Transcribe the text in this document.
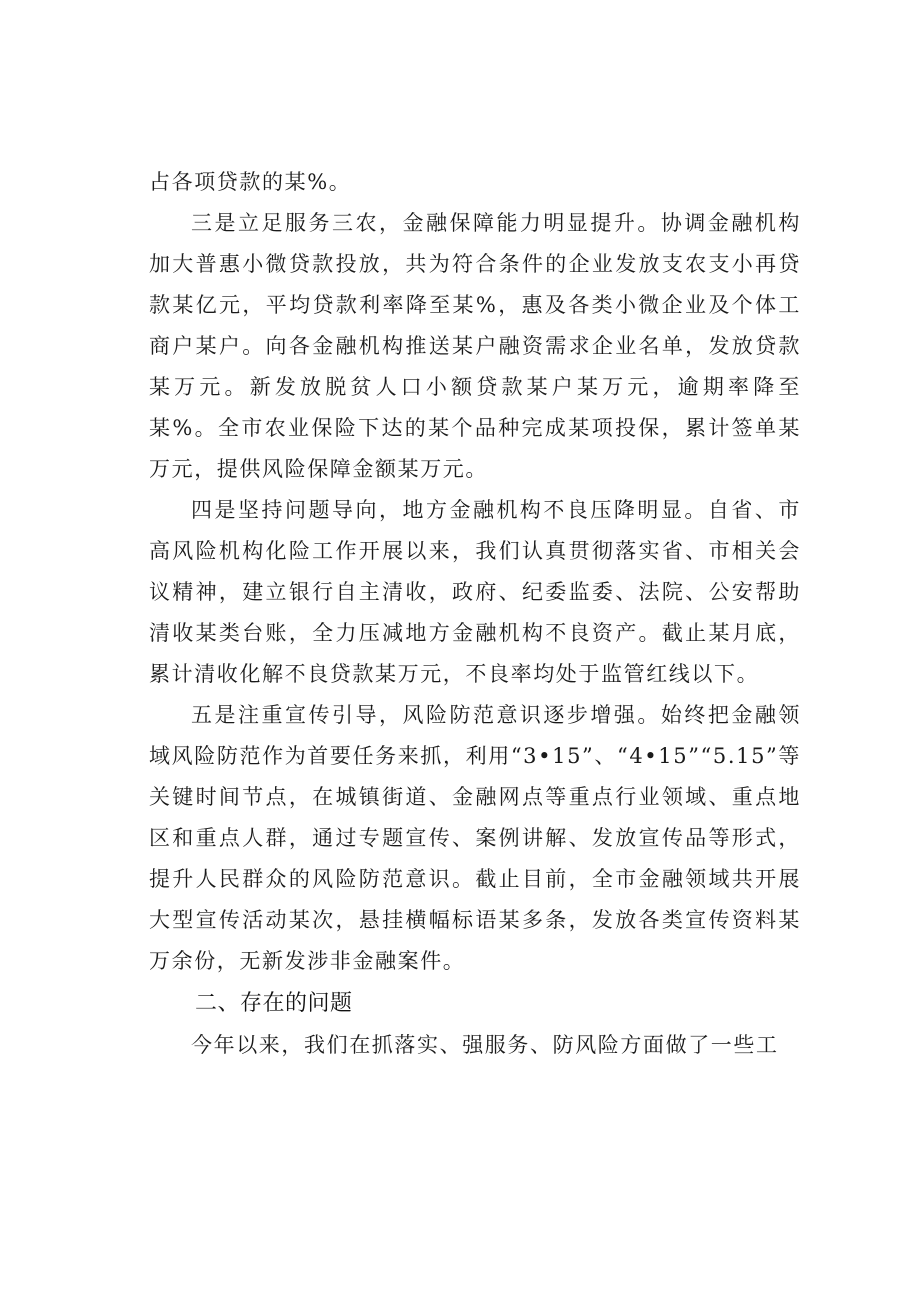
占各项贷款的某%。

三是立足服务三农，金融保障能力明显提升。协调金融机构加大普惠小微贷款投放，共为符合条件的企业发放支农支小再贷款某亿元，平均贷款利率降至某%，惠及各类小微企业及个体工商户某户。向各金融机构推送某户融资需求企业名单，发放贷款某万元。新发放脱贫人口小额贷款某户某万元，逾期率降至某%。全市农业保险下达的某个品种完成某项投保，累计签单某万元，提供风险保障金额某万元。

四是坚持问题导向，地方金融机构不良压降明显。自省、市高风险机构化险工作开展以来，我们认真贯彻落实省、市相关会议精神，建立银行自主清收，政府、纪委监委、法院、公安帮助清收某类台账，全力压减地方金融机构不良资产。截止某月底，累计清收化解不良贷款某万元，不良率均处于监管红线以下。

五是注重宣传引导，风险防范意识逐步增强。始终把金融领域风险防范作为首要任务来抓，利用“3•15”、“4•15”“5.15”等关键时间节点，在城镇街道、金融网点等重点行业领域、重点地区和重点人群，通过专题宣传、案例讲解、发放宣传品等形式，提升人民群众的风险防范意识。截止目前，全市金融领域共开展大型宣传活动某次，悬挂横幅标语某多条，发放各类宣传资料某万余份，无新发涉非金融案件。

二、存在的问题

今年以来，我们在抓落实、强服务、防风险方面做了一些工
